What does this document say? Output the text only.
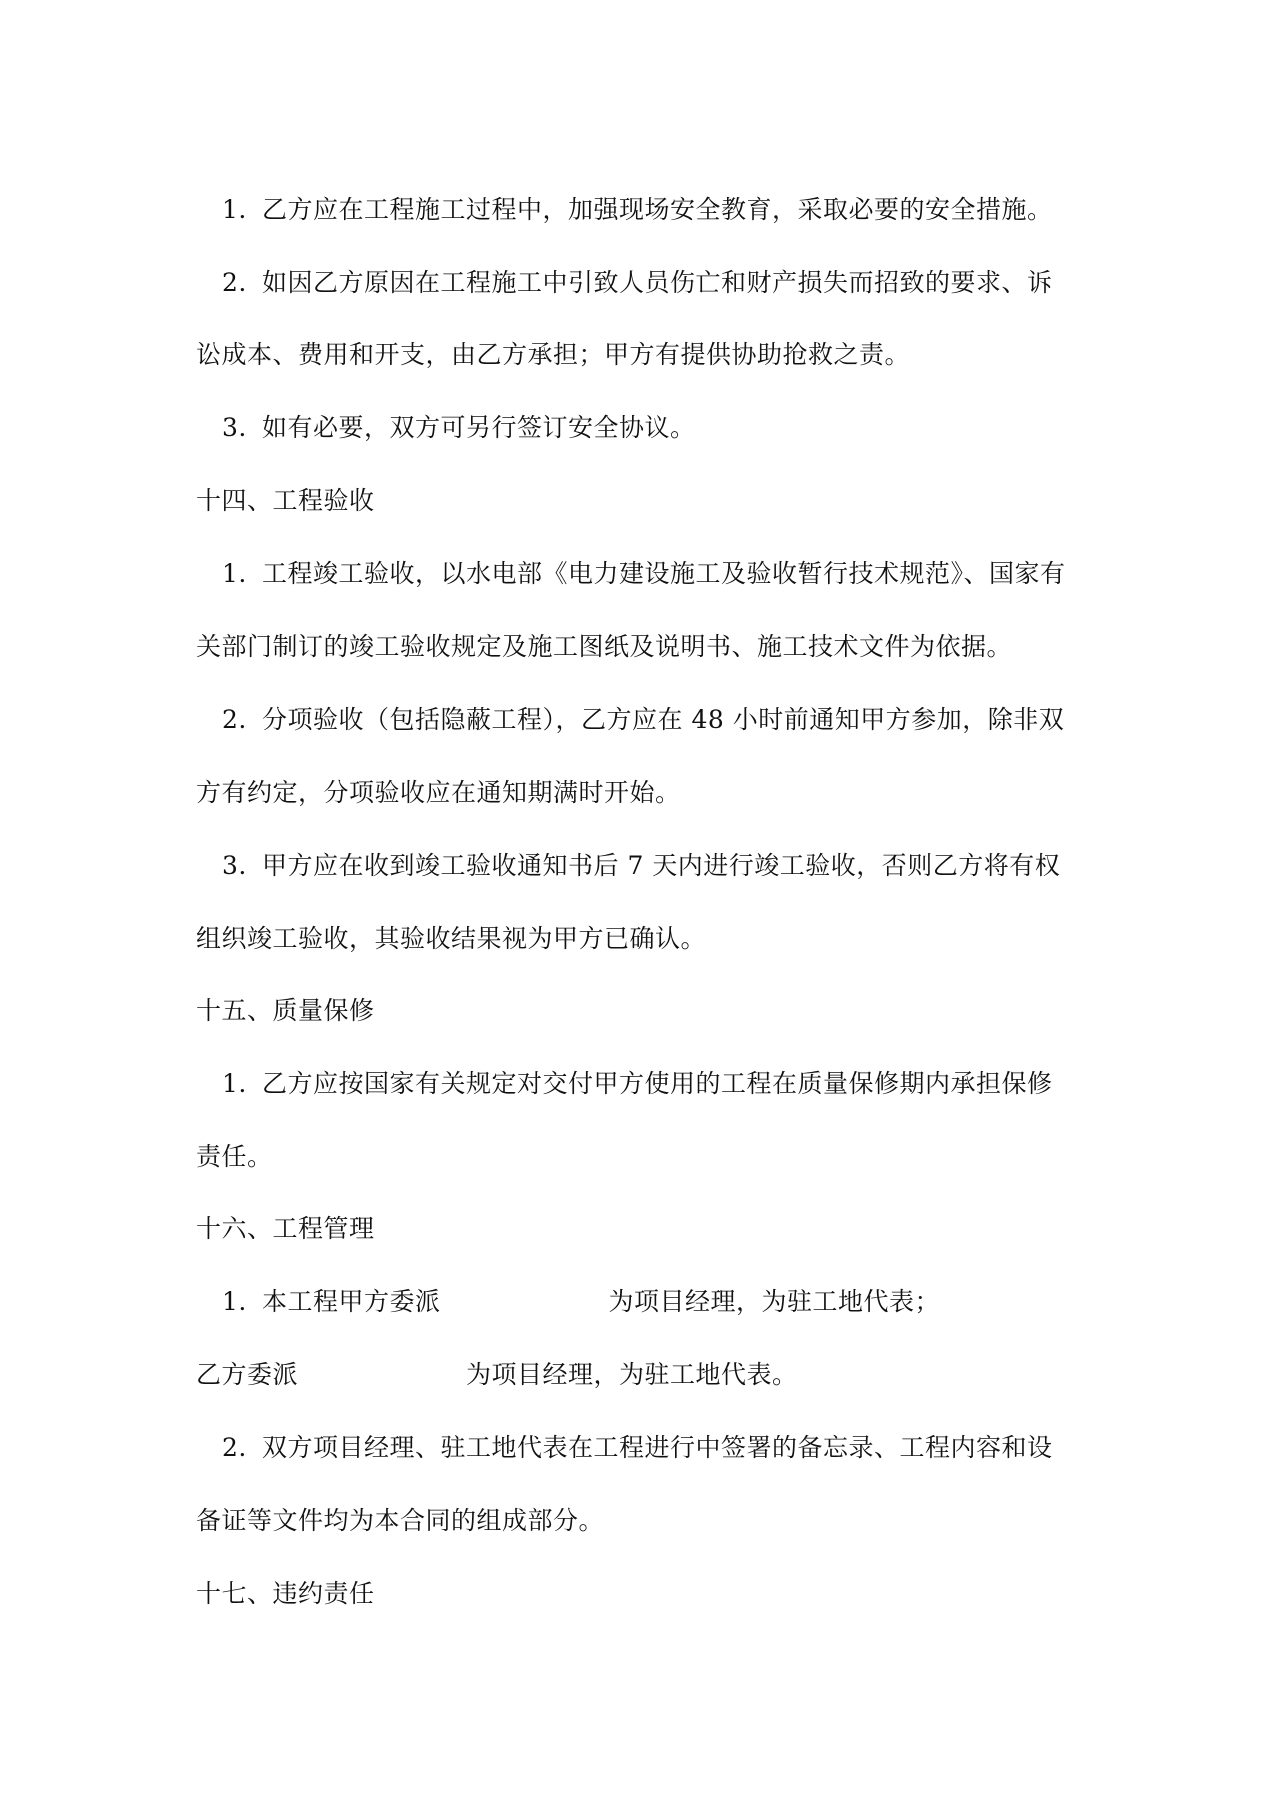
1. 乙方应在工程施工过程中，加强现场安全教育，采取必要的安全措施。
2. 如因乙方原因在工程施工中引致人员伤亡和财产损失而招致的要求、诉
讼成本、费用和开支，由乙方承担；甲方有提供协助抢救之责。
3. 如有必要，双方可另行签订安全协议。
十四、工程验收
1. 工程竣工验收，以水电部《电力建设施工及验收暂行技术规范》、国家有
关部门制订的竣工验收规定及施工图纸及说明书、施工技术文件为依据。
2. 分项验收（包括隐蔽工程），乙方应在 48 小时前通知甲方参加，除非双
方有约定，分项验收应在通知期满时开始。
3. 甲方应在收到竣工验收通知书后 7 天内进行竣工验收，否则乙方将有权
组织竣工验收，其验收结果视为甲方已确认。
十五、质量保修
1. 乙方应按国家有关规定对交付甲方使用的工程在质量保修期内承担保修
责任。
十六、工程管理
1. 本工程甲方委派	为项目经理，为驻工地代表；
乙方委派	为项目经理，为驻工地代表。
2. 双方项目经理、驻工地代表在工程进行中签署的备忘录、工程内容和设
备证等文件均为本合同的组成部分。
十七、违约责任
